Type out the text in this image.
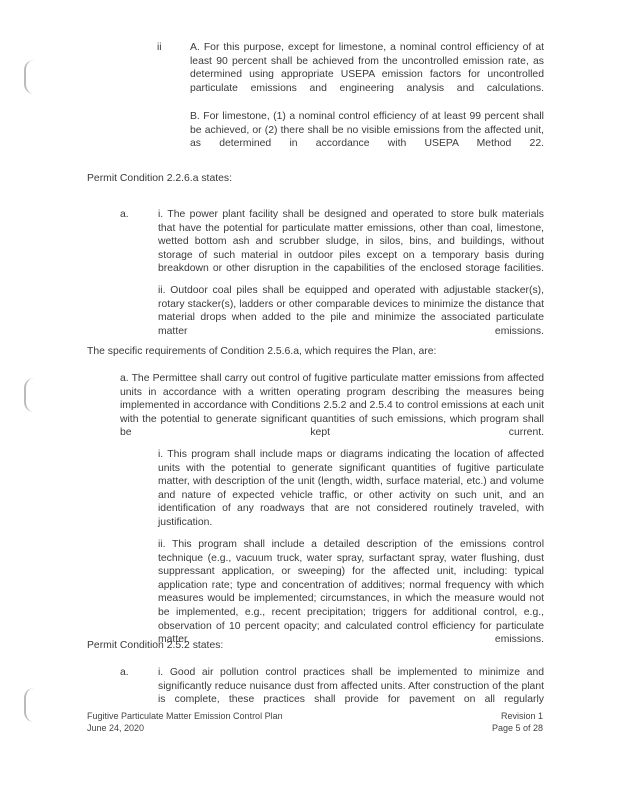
ii	A. For this purpose, except for limestone, a nominal control efficiency of at least 90 percent shall be achieved from the uncontrolled emission rate, as determined using appropriate USEPA emission factors for uncontrolled particulate emissions and engineering analysis and calculations.

B. For limestone, (1) a nominal control efficiency of at least 99 percent shall be achieved, or (2) there shall be no visible emissions from the affected unit, as determined in accordance with USEPA Method 22.

Permit Condition 2.2.6.a states:

a.	i. The power plant facility shall be designed and operated to store bulk materials that have the potential for particulate matter emissions, other than coal, limestone, wetted bottom ash and scrubber sludge, in silos, bins, and buildings, without storage of such material in outdoor piles except on a temporary basis during breakdown or other disruption in the capabilities of the enclosed storage facilities.

ii. Outdoor coal piles shall be equipped and operated with adjustable stacker(s), rotary stacker(s), ladders or other comparable devices to minimize the distance that material drops when added to the pile and minimize the associated particulate matter emissions.

The specific requirements of Condition 2.5.6.a, which requires the Plan, are:

a. The Permittee shall carry out control of fugitive particulate matter emissions from affected units in accordance with a written operating program describing the measures being implemented in accordance with Conditions 2.5.2 and 2.5.4 to control emissions at each unit with the potential to generate significant quantities of such emissions, which program shall be kept current.

i. This program shall include maps or diagrams indicating the location of affected units with the potential to generate significant quantities of fugitive particulate matter, with description of the unit (length, width, surface material, etc.) and volume and nature of expected vehicle traffic, or other activity on such unit, and an identification of any roadways that are not considered routinely traveled, with justification.

ii. This program shall include a detailed description of the emissions control technique (e.g., vacuum truck, water spray, surfactant spray, water flushing, dust suppressant application, or sweeping) for the affected unit, including: typical application rate; type and concentration of additives; normal frequency with which measures would be implemented; circumstances, in which the measure would not be implemented, e.g., recent precipitation; triggers for additional control, e.g., observation of 10 percent opacity; and calculated control efficiency for particulate matter emissions.

Permit Condition 2.5.2 states:

a.	i. Good air pollution control practices shall be implemented to minimize and significantly reduce nuisance dust from affected units. After construction of the plant is complete, these practices shall provide for pavement on all regularly

Fugitive Particulate Matter Emission Control Plan

June 24, 2020

Revision 1

Page 5 of 28
